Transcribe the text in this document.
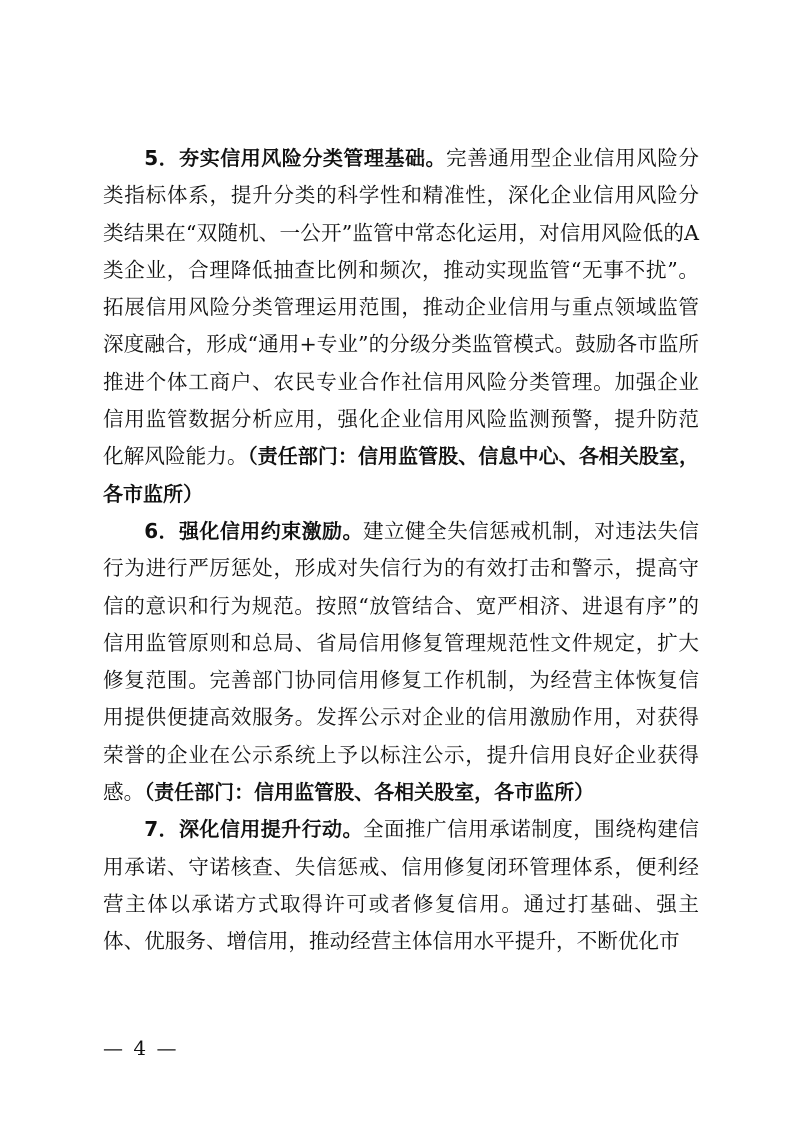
5．夯实信用风险分类管理基础。完善通用型企业信用风险分类指标体系，提升分类的科学性和精准性，深化企业信用风险分类结果在“双随机、一公开”监管中常态化运用，对信用风险低的A类企业，合理降低抽查比例和频次，推动实现监管“无事不扰”。拓展信用风险分类管理运用范围，推动企业信用与重点领域监管深度融合，形成“通用+专业”的分级分类监管模式。鼓励各市监所推进个体工商户、农民专业合作社信用风险分类管理。加强企业信用监管数据分析应用，强化企业信用风险监测预警，提升防范化解风险能力。（责任部门：信用监管股、信息中心、各相关股室，各市监所）

6．强化信用约束激励。建立健全失信惩戒机制，对违法失信行为进行严厉惩处，形成对失信行为的有效打击和警示，提高守信的意识和行为规范。按照“放管结合、宽严相济、进退有序”的信用监管原则和总局、省局信用修复管理规范性文件规定，扩大修复范围。完善部门协同信用修复工作机制，为经营主体恢复信用提供便捷高效服务。发挥公示对企业的信用激励作用，对获得荣誉的企业在公示系统上予以标注公示，提升信用良好企业获得感。（责任部门：信用监管股、各相关股室，各市监所）

7．深化信用提升行动。全面推广信用承诺制度，围绕构建信用承诺、守诺核查、失信惩戒、信用修复闭环管理体系，便利经营主体以承诺方式取得许可或者修复信用。通过打基础、强主体、优服务、增信用，推动经营主体信用水平提升，不断优化市

— 4 —
